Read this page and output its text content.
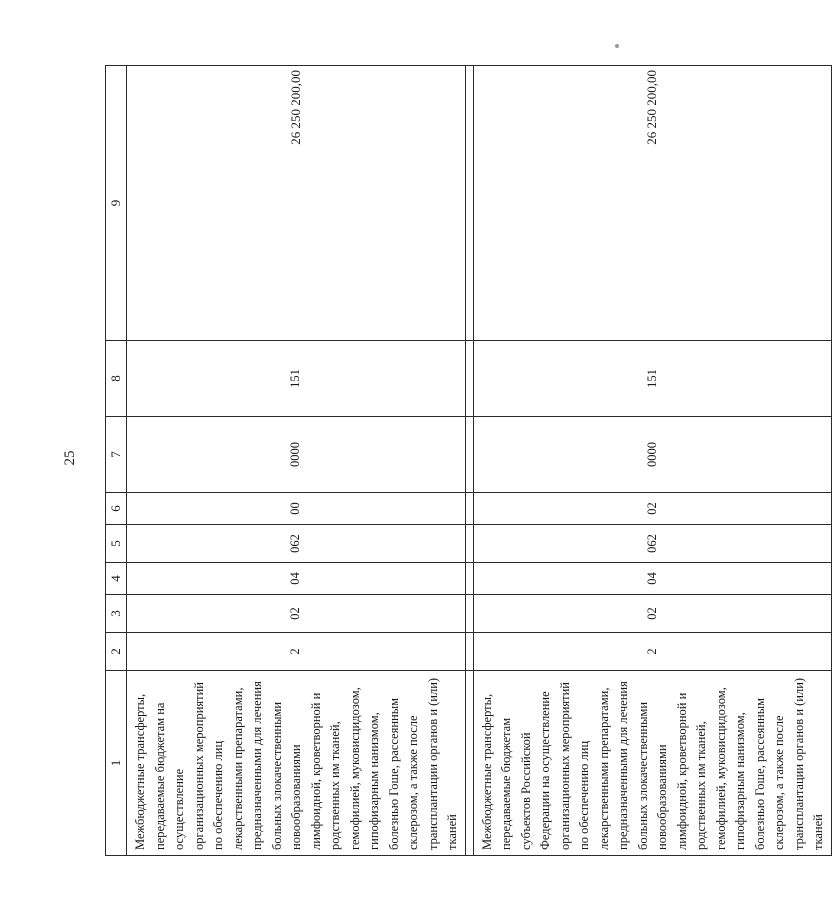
25
1	2	3	4	5	6	7	8	9
Межбюджетные трансферты, передаваемые бюджетам на осуществление организационных мероприятий по обеспечению лиц лекарственными препаратами, предназначенными для лечения больных злокачественными новообразованиями лимфоидной, кроветворной и родственных им тканей, гемофилией, муковисцидозом, гипофизарным нанизмом, болезнью Гоше, рассеянным склерозом, а также после трансплантации органов и (или) тканей	2	02	04	062	00	0000	151	26 250 200,00

Межбюджетные трансферты, передаваемые бюджетам субъектов Российской Федерации на осуществление организационных мероприятий по обеспечению лиц лекарственными препаратами, предназначенными для лечения больных злокачественными новообразованиями лимфоидной, кроветворной и родственных им тканей, гемофилией, муковисцидозом, гипофизарным нанизмом, болезнью Гоше, рассеянным склерозом, а также после трансплантации органов и (или) тканей	2	02	04	062	02	0000	151	26 250 200,00
